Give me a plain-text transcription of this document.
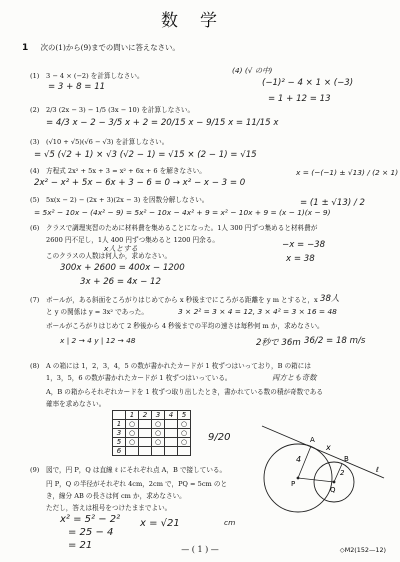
数学
1 次の(1)から(9)までの問いに答えなさい。
(1) 3 − 4 × (−2) を計算しなさい。
= 3 + 8 = 11
(4) (√ の中)
(−1)² − 4 × 1 × (−3)
= 1 + 12 = 13
(2) 2/3 (2x − 3) − 1/5 (3x − 10) を計算しなさい。
= 4/3 x − 2 − 3/5 x + 2 = 20/15 x − 9/15 x = 11/15 x
(3) (√10 + √5)(√6 − √3) を計算しなさい。
= √5 (√2 + 1) × √3 (√2 − 1) = √15 × (2 − 1) = √15
(4) 方程式 2x² + 5x + 3 = x² + 6x + 6 を解きなさい。
2x² − x² + 5x − 6x + 3 − 6 = 0 → x² − x − 3 = 0
x = (−(−1) ± √13) / (2 × 1)
(5) 5x(x − 2) − (2x + 3)(2x − 3) を因数分解しなさい。
= 5x² − 10x − (4x² − 9) = 5x² − 10x − 4x² + 9 = x² − 10x + 9 = (x − 1)(x − 9)
= (1 ± √13) / 2
(6) クラスで調理実習のために材料費を集めることになった。1人 300 円ずつ集めると材料費が
2600 円不足し，1人 400 円ずつ集めると 1200 円余る。
x人とする
このクラスの人数は何人か，求めなさい。
300x + 2600 = 400x − 1200
3x + 26 = 4x − 12
−x = −38
x = 38
38人
(7) ボールが，ある斜面をころがりはじめてから x 秒後までにころがる距離を y m とすると，x
と y の関係は y = 3x² であった。	3 × 2² = 3 × 4 = 12, 3 × 4² = 3 × 16 = 48
ボールがころがりはじめて 2 秒後から 4 秒後までの平均の速さは毎秒何 m か，求めなさい。
x | 2 → 4 y | 12 → 48	2秒で 36m 36/2 = 18 m/s
(8) A の箱には 1，2，3，4，5 の数が書かれたカードが 1 枚ずつはいっており，B の箱には
1，3，5，6 の数が書かれたカードが 1 枚ずつはいっている。	両方とも奇数
A，B の箱からそれぞれカードを 1 枚ずつ取り出したとき，書かれている数の積が奇数である
確率を求めなさい。
	1	2	3	4	5
1	○		○		○
3	○		○		○
5	○		○		○
6					
9/20
(9) 図で，円 P，Q は直線 ℓ にそれぞれ点 A，B で接している。
円 P，Q の半径がそれぞれ 4cm，2cm で，PQ = 5cm のと
き，線分 AB の長さは何 cm か，求めなさい。
ただし，答えは根号をつけたままでよい。
x² = 5² − 2²
= 25 − 4
= 21
x = √21	cm
A
B
P
Q
ℓ
x
4
2
— ( 1 ) —	◇M2(152—12)
